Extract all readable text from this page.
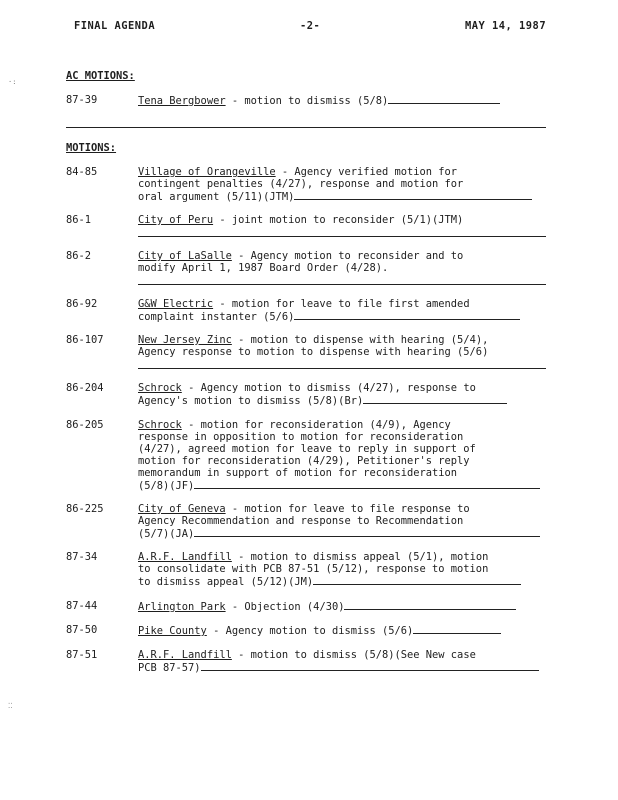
FINAL AGENDA	-2-	MAY 14, 1987
·:
⁚⁚
AC MOTIONS:
87-39	Tena Bergbower - motion to dismiss (5/8)
MOTIONS:
84-85	Village of Orangeville - Agency verified motion for
contingent penalties (4/27), response and motion for
oral argument (5/11)(JTM)
86-1	City of Peru - joint motion to reconsider (5/1)(JTM)
86-2	City of LaSalle - Agency motion to reconsider and to
modify April 1, 1987 Board Order (4/28).
86-92	G&W Electric - motion for leave to file first amended
complaint instanter (5/6)
86-107	New Jersey Zinc - motion to dispense with hearing (5/4),
Agency response to motion to dispense with hearing (5/6)
86-204	Schrock - Agency motion to dismiss (4/27), response to
Agency's motion to dismiss (5/8)(Br)
86-205	Schrock - motion for reconsideration (4/9), Agency
response in opposition to motion for reconsideration
(4/27), agreed motion for leave to reply in support of
motion for reconsideration (4/29), Petitioner's reply
memorandum in support of motion for reconsideration
(5/8)(JF)
86-225	City of Geneva - motion for leave to file response to
Agency Recommendation and response to Recommendation
(5/7)(JA)
87-34	A.R.F. Landfill - motion to dismiss appeal (5/1), motion
to consolidate with PCB 87-51 (5/12), response to motion
to dismiss appeal (5/12)(JM)
87-44	Arlington Park - Objection (4/30)
87-50	Pike County - Agency motion to dismiss (5/6)
87-51	A.R.F. Landfill - motion to dismiss (5/8)(See New case
PCB 87-57)
